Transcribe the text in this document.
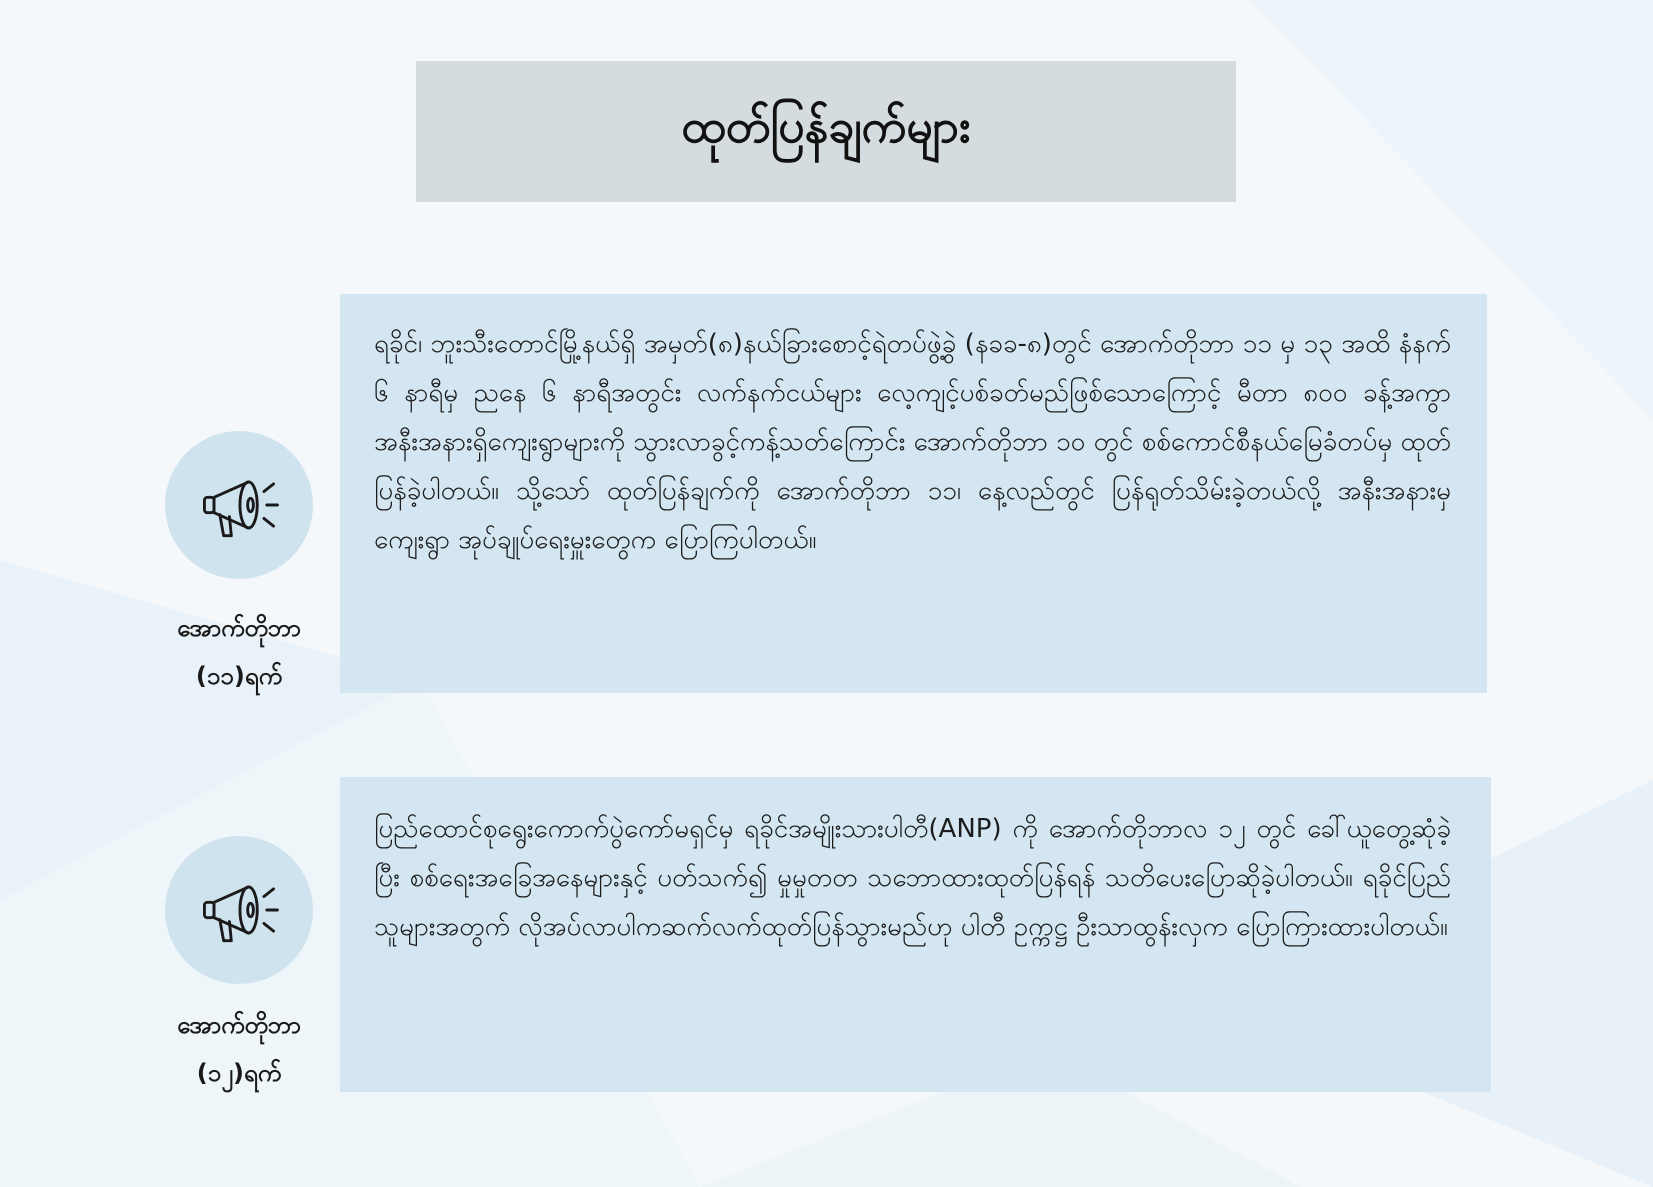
ထုတ်ပြန်ချက်များ
အောက်တိုဘာ
(၁၁)ရက်

ရခိုင်၊ ဘူးသီးတောင်မြို့နယ်ရှိ အမှတ်(၈)နယ်ခြားစောင့်ရဲတပ်ဖွဲ့ခွဲ (နခခ-၈)တွင် အောက်တိုဘာ ၁၁ မှ ၁၃ အထိ နံနက် ၆ နာရီမှ ညနေ ၆ နာရီအတွင်း လက်နက်ငယ်များ လေ့ကျင့်ပစ်ခတ်မည်ဖြစ်သောကြောင့် မီတာ ၈၀၀ ခန့်အကွာ အနီးအနားရှိကျေးရွာများကို သွားလာခွင့်ကန့်သတ်ကြောင်း အောက်တိုဘာ ၁၀ တွင် စစ်ကောင်စီနယ်မြေခံတပ်မှ ထုတ်ပြန်ခဲ့ပါတယ်။ သို့သော် ထုတ်ပြန်ချက်ကို အောက်တိုဘာ ၁၁၊ နေ့လည်တွင် ပြန်ရုတ်သိမ်းခဲ့တယ်လို့ အနီးအနားမှ ကျေးရွာ အုပ်ချုပ်ရေးမှူးတွေက ပြောကြပါတယ်။

အောက်တိုဘာ
(၁၂)ရက်

ပြည်ထောင်စုရွေးကောက်ပွဲကော်မရှင်မှ ရခိုင်အမျိုးသားပါတီ(ANP) ကို အောက်တိုဘာလ ၁၂ တွင် ခေါ်ယူတွေ့ဆုံခဲ့ပြီး စစ်ရေးအခြေအနေများနှင့် ပတ်သက်၍ မှုမှုတတ သဘောထားထုတ်ပြန်ရန် သတိပေးပြောဆိုခဲ့ပါတယ်။ ရခိုင်ပြည်သူများအတွက် လိုအပ်လာပါကဆက်လက်ထုတ်ပြန်သွားမည်ဟု ပါတီ ဥက္ကဋ္ဌ ဦးသာထွန်းလှက ပြောကြားထားပါတယ်။
